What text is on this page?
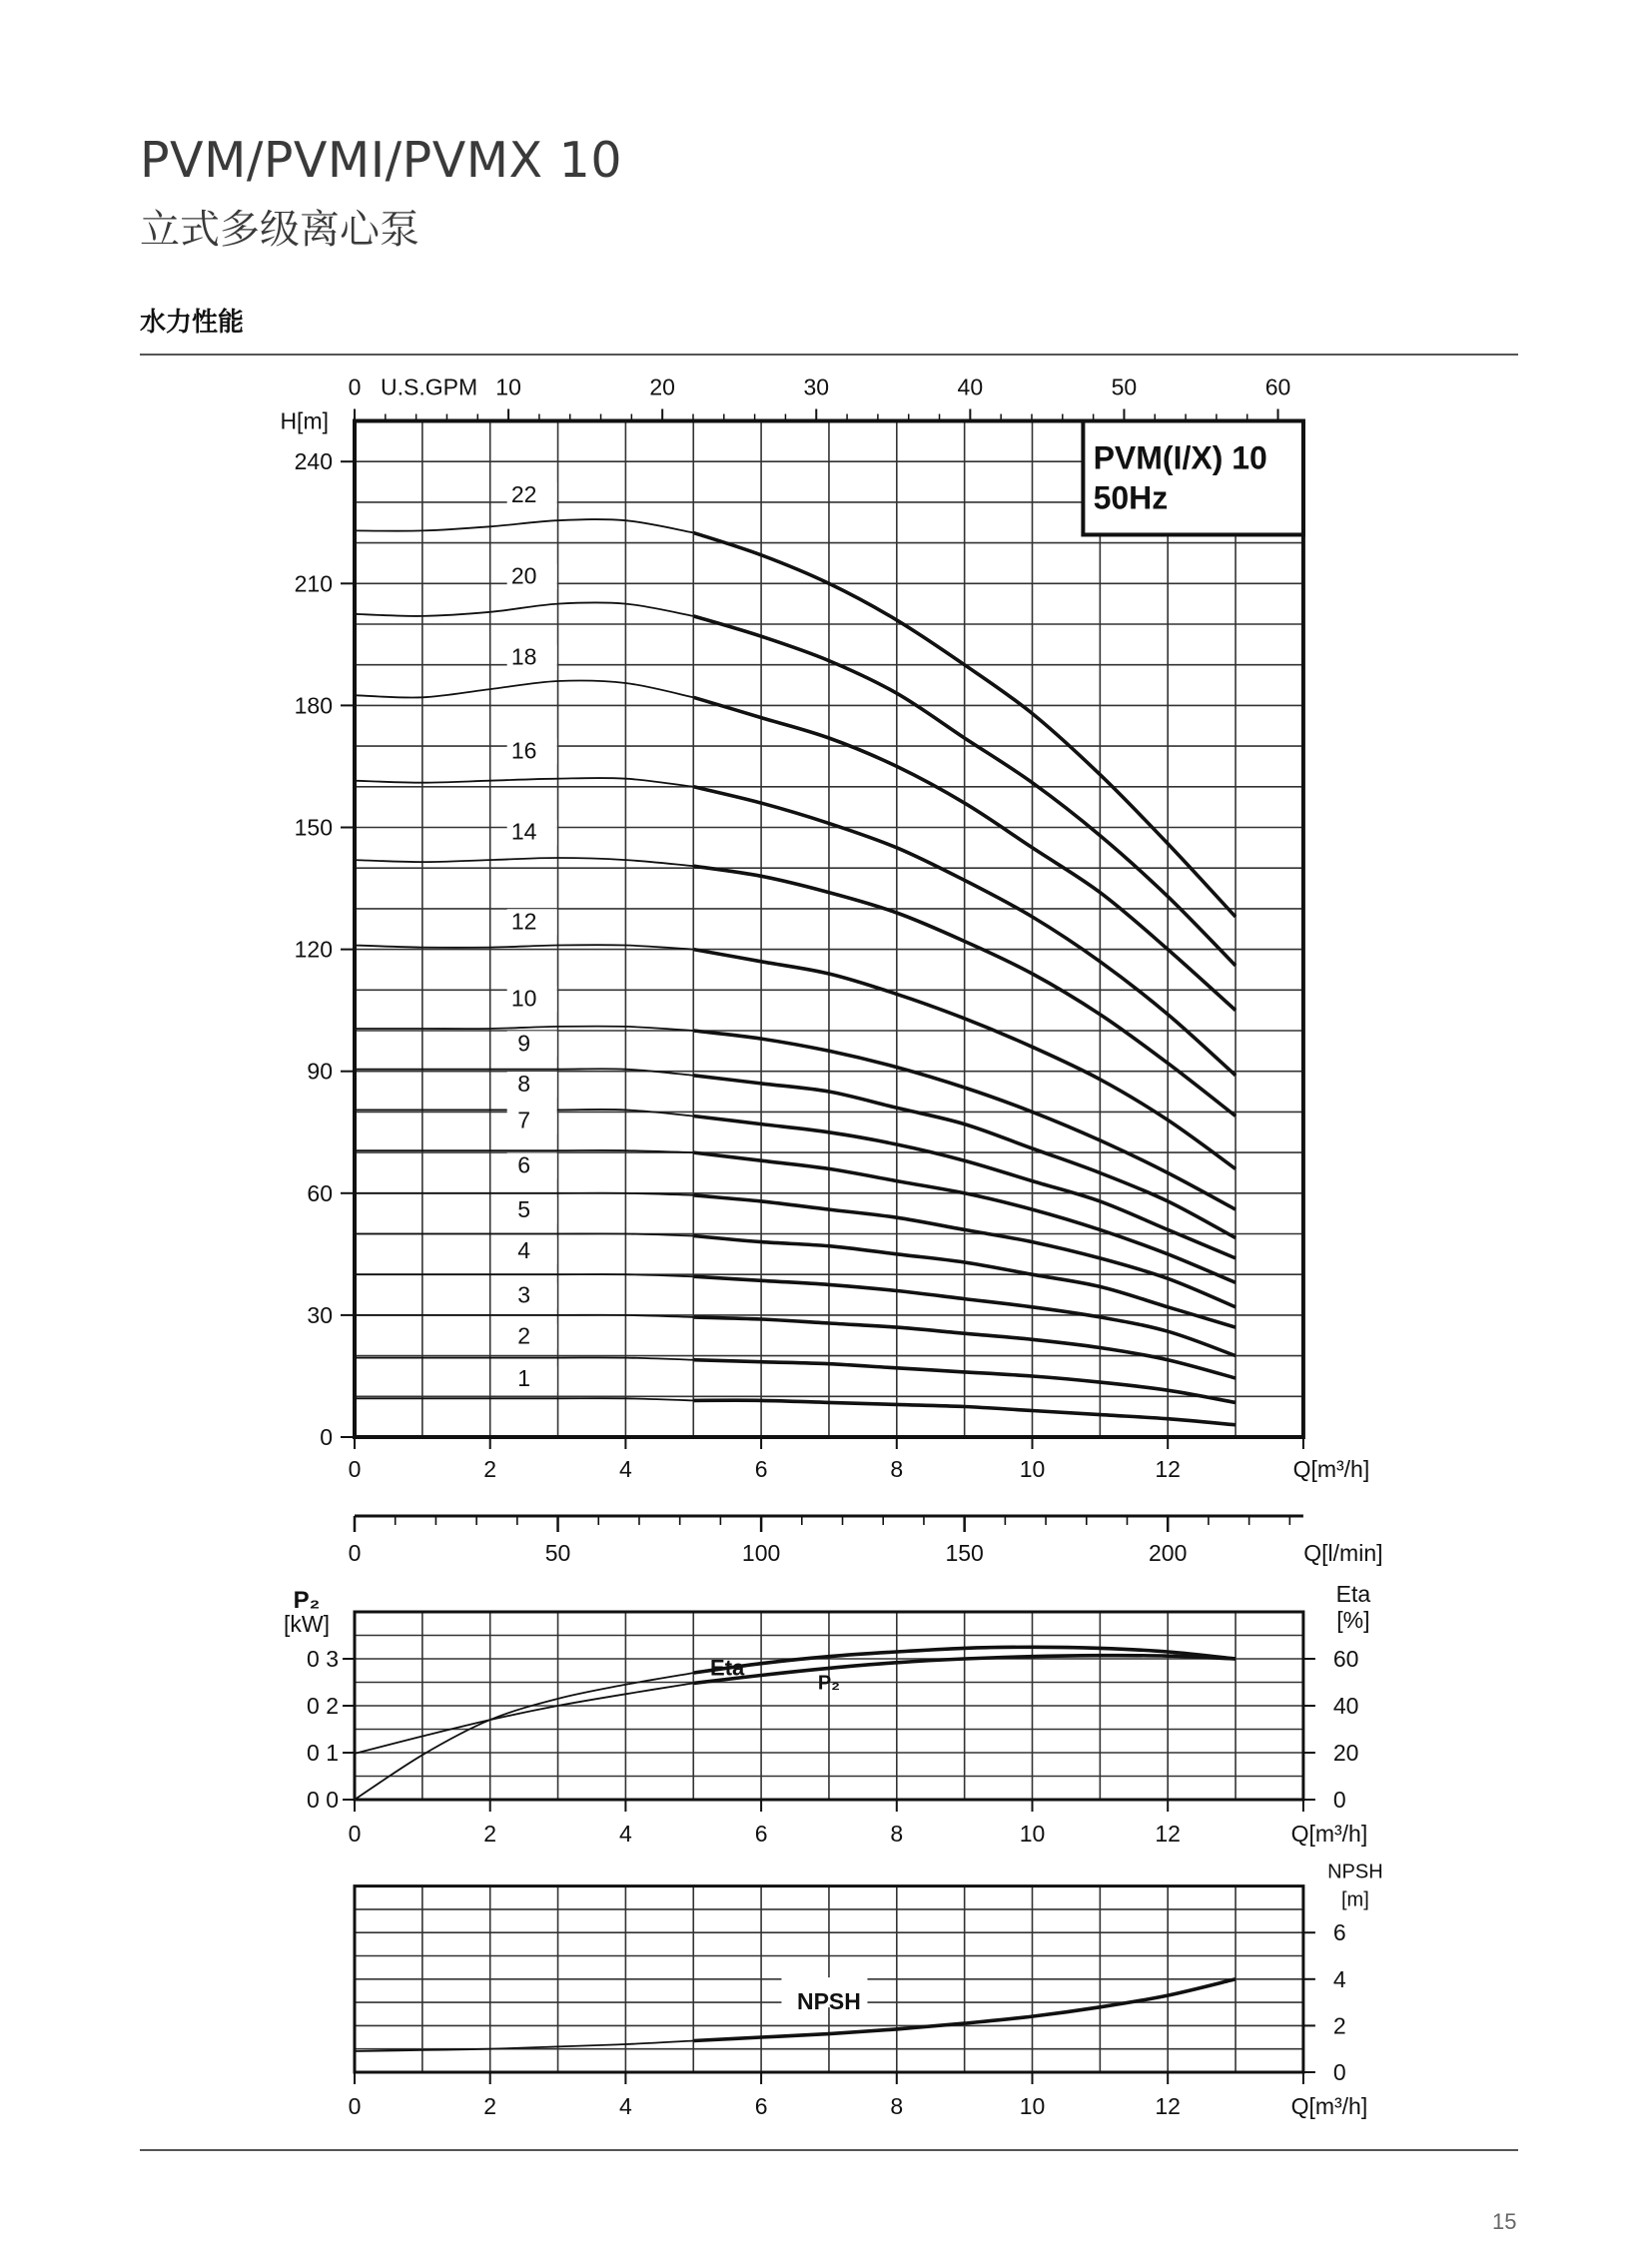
PVM/PVMI/PVMX 10
立式多级离心泵
水力性能
15
0
30
60
90
120
150
180
210
240
H[m]
0	2	4	6	8	10	12	Q[m³/h]
10	20	30	40	50	60
0 U.S.GPM
PVM(I/X) 10
50Hz
22
20
18
16
14
12
10
9
8
7
6
5
4
3
2
1
0	50	100	150	200	Q[l/min]
0 0
0 1
0 2
0 3
0
20
40
60
P₂
[kW]
Eta
[%]
0	2	4	6	8	10	12	Q[m³/h]
Eta
P₂
0
2
4
6
NPSH
[m]
0	2	4	6	8	10	12	Q[m³/h]
NPSH
